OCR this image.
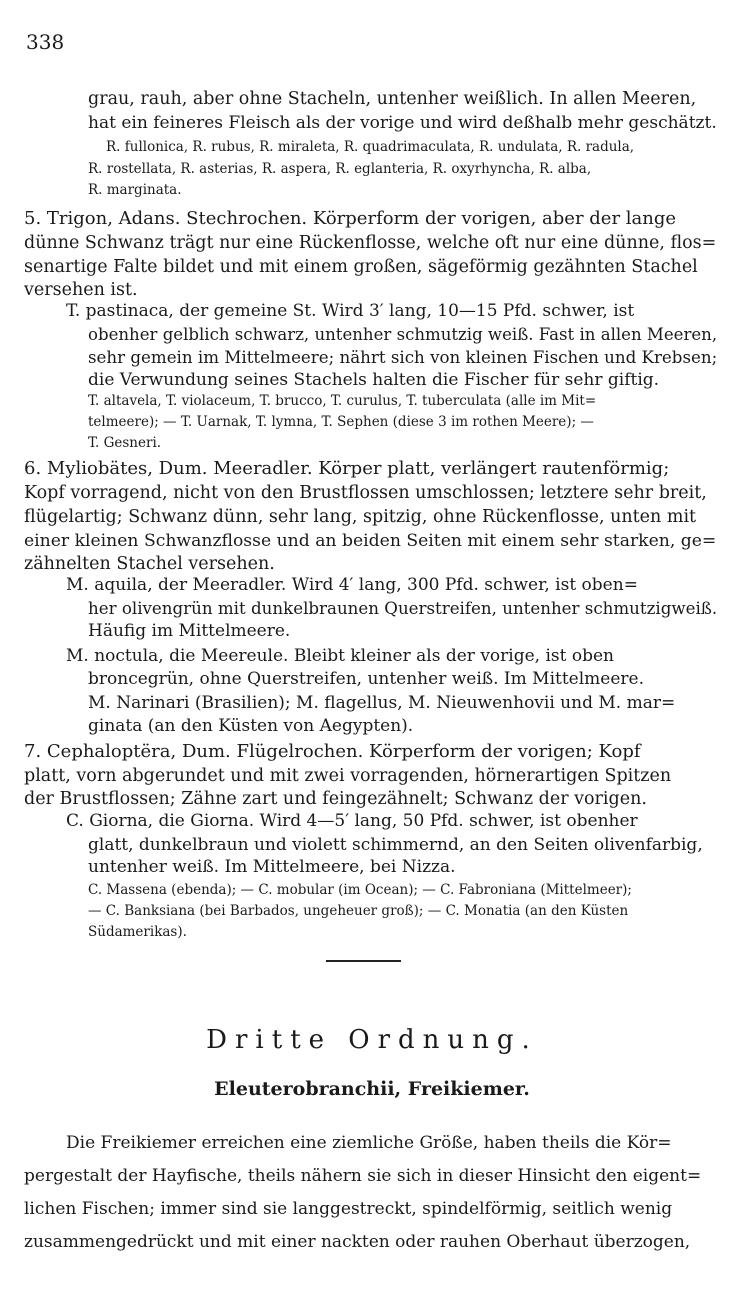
338
grau, rauh, aber ohne Stacheln, untenher weißlich. In allen Meeren,
hat ein feineres Fleisch als der vorige und wird deßhalb mehr geschätzt.
R. fullonica, R. rubus, R. miraleta, R. quadrimaculata, R. undulata, R. radula,
R. rostellata, R. asterias, R. aspera, R. eglanteria, R. oxyrhyncha, R. alba,
R. marginata.
5. Trigon, Adans. Stechrochen. Körperform der vorigen, aber der lange
dünne Schwanz trägt nur eine Rückenflosse, welche oft nur eine dünne, flos=
senartige Falte bildet und mit einem großen, sägeförmig gezähnten Stachel
versehen ist.
T. pastinaca, der gemeine St. Wird 3′ lang, 10—15 Pfd. schwer, ist
obenher gelblich schwarz, untenher schmutzig weiß. Fast in allen Meeren,
sehr gemein im Mittelmeere; nährt sich von kleinen Fischen und Krebsen;
die Verwundung seines Stachels halten die Fischer für sehr giftig.
T. altavela, T. violaceum, T. brucco, T. curulus, T. tuberculata (alle im Mit=
telmeere); — T. Uarnak, T. lymna, T. Sephen (diese 3 im rothen Meere); —
T. Gesneri.
6. Myliobätes, Dum. Meeradler. Körper platt, verlängert rautenförmig;
Kopf vorragend, nicht von den Brustflossen umschlossen; letztere sehr breit,
flügelartig; Schwanz dünn, sehr lang, spitzig, ohne Rückenflosse, unten mit
einer kleinen Schwanzflosse und an beiden Seiten mit einem sehr starken, ge=
zähnelten Stachel versehen.
M. aquila, der Meeradler. Wird 4′ lang, 300 Pfd. schwer, ist oben=
her olivengrün mit dunkelbraunen Querstreifen, untenher schmutzigweiß.
Häufig im Mittelmeere.
M. noctula, die Meereule. Bleibt kleiner als der vorige, ist oben
broncegrün, ohne Querstreifen, untenher weiß. Im Mittelmeere.
M. Narinari (Brasilien); M. flagellus, M. Nieuwenhovii und M. mar=
ginata (an den Küsten von Aegypten).
7. Cephaloptëra, Dum. Flügelrochen. Körperform der vorigen; Kopf
platt, vorn abgerundet und mit zwei vorragenden, hörnerartigen Spitzen
der Brustflossen; Zähne zart und feingezähnelt; Schwanz der vorigen.
C. Giorna, die Giorna. Wird 4—5′ lang, 50 Pfd. schwer, ist obenher
glatt, dunkelbraun und violett schimmernd, an den Seiten olivenfarbig,
untenher weiß. Im Mittelmeere, bei Nizza.
C. Massena (ebenda); — C. mobular (im Ocean); — C. Fabroniana (Mittelmeer);
— C. Banksiana (bei Barbados, ungeheuer groß); — C. Monatia (an den Küsten
Südamerikas).
Dritte Ordnung.
Eleuterobranchii, Freikiemer.
Die Freikiemer erreichen eine ziemliche Größe, haben theils die Kör=
pergestalt der Hayfische, theils nähern sie sich in dieser Hinsicht den eigent=
lichen Fischen; immer sind sie langgestreckt, spindelförmig, seitlich wenig
zusammengedrückt und mit einer nackten oder rauhen Oberhaut überzogen,
